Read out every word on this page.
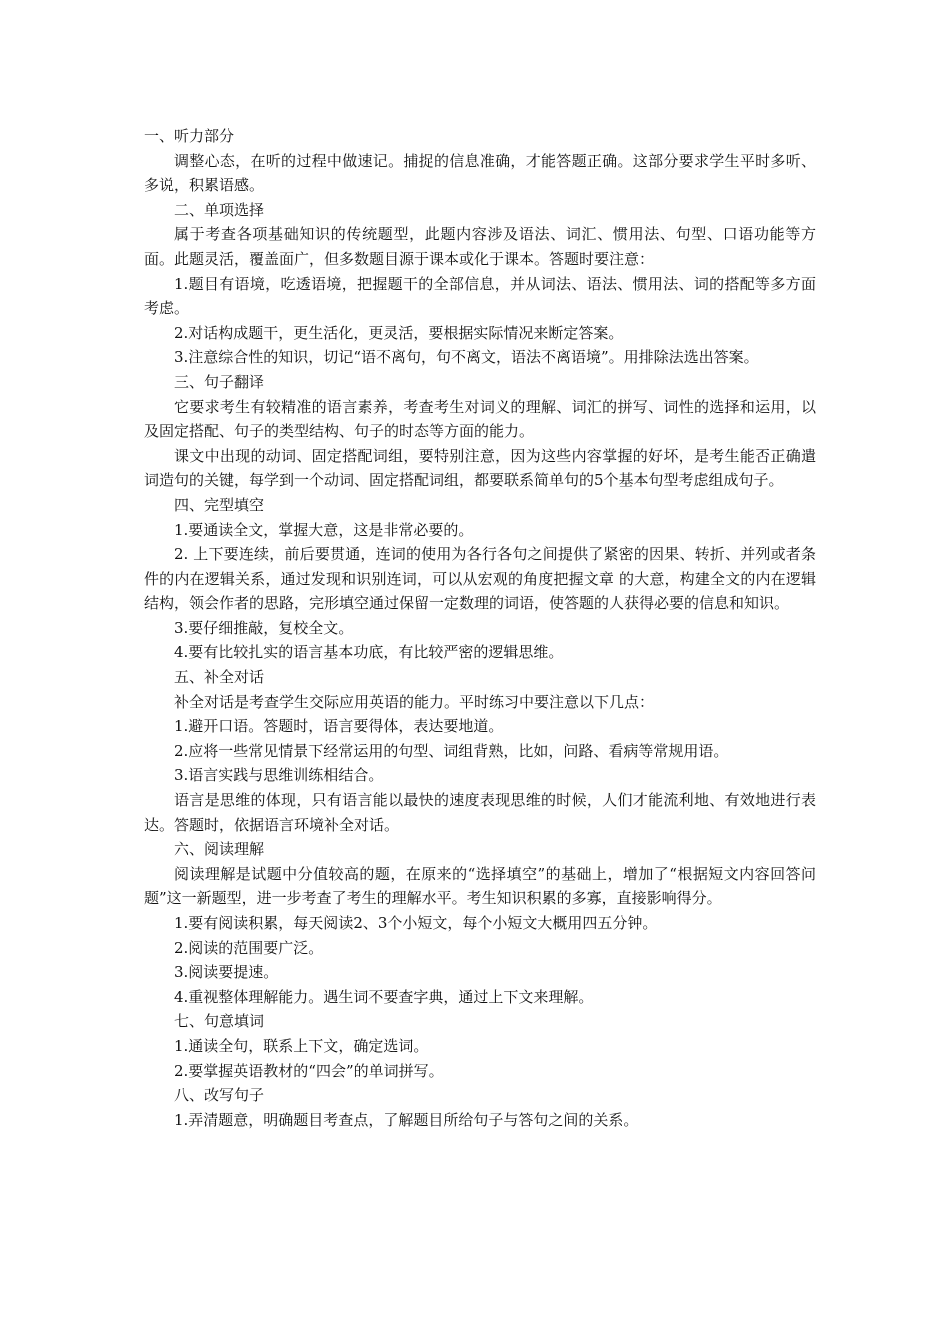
一、听力部分

调整心态，在听的过程中做速记。捕捉的信息准确，才能答题正确。这部分要求学生平时多听、多说，积累语感。

二、单项选择

属于考查各项基础知识的传统题型，此题内容涉及语法、词汇、惯用法、句型、口语功能等方面。此题灵活，覆盖面广，但多数题目源于课本或化于课本。答题时要注意：

1.题目有语境，吃透语境，把握题干的全部信息，并从词法、语法、惯用法、词的搭配等多方面考虑。

2.对话构成题干，更生活化，更灵活，要根据实际情况来断定答案。

3.注意综合性的知识，切记“语不离句，句不离文，语法不离语境”。用排除法选出答案。

三、句子翻译

它要求考生有较精准的语言素养，考查考生对词义的理解、词汇的拼写、词性的选择和运用，以及固定搭配、句子的类型结构、句子的时态等方面的能力。

课文中出现的动词、固定搭配词组，要特别注意，因为这些内容掌握的好坏，是考生能否正确遣词造句的关键，每学到一个动词、固定搭配词组，都要联系简单句的5个基本句型考虑组成句子。

四、完型填空

1.要通读全文，掌握大意，这是非常必要的。

2. 上下要连续，前后要贯通，连词的使用为各行各句之间提供了紧密的因果、转折、并列或者条件的内在逻辑关系，通过发现和识别连词，可以从宏观的角度把握文章 的大意，构建全文的内在逻辑结构，领会作者的思路，完形填空通过保留一定数理的词语，使答题的人获得必要的信息和知识。

3.要仔细推敲，复校全文。

4.要有比较扎实的语言基本功底，有比较严密的逻辑思维。

五、补全对话

补全对话是考查学生交际应用英语的能力。平时练习中要注意以下几点：

1.避开口语。答题时，语言要得体，表达要地道。

2.应将一些常见情景下经常运用的句型、词组背熟，比如，问路、看病等常规用语。

3.语言实践与思维训练相结合。

语言是思维的体现，只有语言能以最快的速度表现思维的时候，人们才能流利地、有效地进行表达。答题时，依据语言环境补全对话。

六、阅读理解

阅读理解是试题中分值较高的题，在原来的“选择填空”的基础上，增加了“根据短文内容回答问题”这一新题型，进一步考查了考生的理解水平。考生知识积累的多寡，直接影响得分。

1.要有阅读积累，每天阅读2、3个小短文，每个小短文大概用四五分钟。

2.阅读的范围要广泛。

3.阅读要提速。

4.重视整体理解能力。遇生词不要查字典，通过上下文来理解。

七、句意填词

1.通读全句，联系上下文，确定选词。

2.要掌握英语教材的“四会”的单词拼写。

八、改写句子

1.弄清题意，明确题目考查点，了解题目所给句子与答句之间的关系。
